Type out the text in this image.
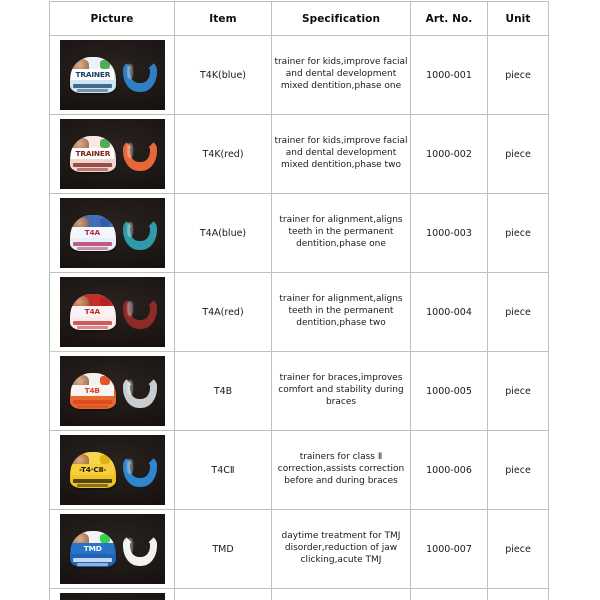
Picture	Item	Specification	Art. No.	Unit

TRAINER	T4K(blue)	trainer for kids,improve facial and dental development mixed dentition,phase one	1000-001	piece

TRAINER	T4K(red)	trainer for kids,improve facial and dental development mixed dentition,phase two	1000-002	piece

T4A	T4A(blue)	trainer for alignment,aligns teeth in the permanent dentition,phase one	1000-003	piece

T4A	T4A(red)	trainer for alignment,aligns teeth in the permanent dentition,phase two	1000-004	piece

T4B	T4B	trainer for braces,improves comfort and stability during braces	1000-005	piece

-T4·CⅡ-	T4CⅡ	trainers for class Ⅱ correction,assists correction before and during braces	1000-006	piece

TMD	TMD	daytime treatment for TMJ disorder,reduction of jaw clicking,acute TMJ	1000-007	piece
